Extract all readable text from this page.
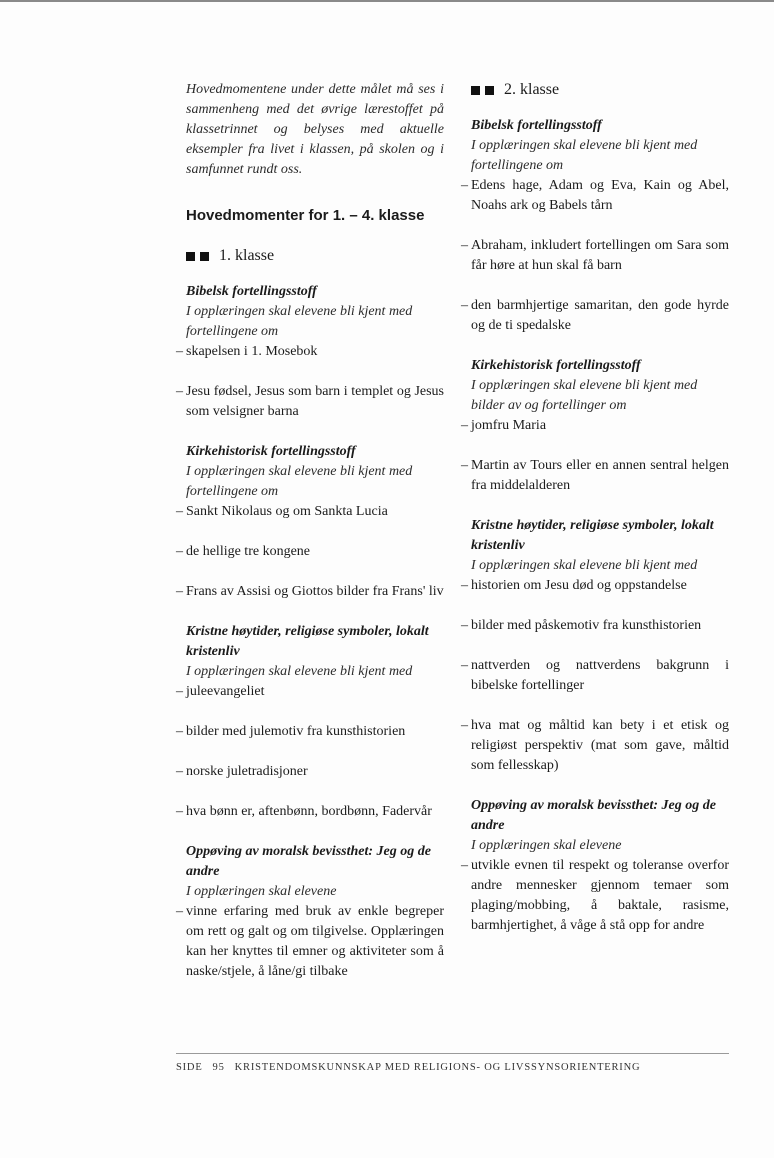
Hovedmomentene under dette målet må ses i sammenheng med det øvrige lærestoffet på klassetrinnet og belyses med aktuelle eksempler fra livet i klassen, på skolen og i samfunnet rundt oss.
Hovedmomenter for 1. – 4. klasse
1. klasse
Bibelsk fortellingsstoff
I opplæringen skal elevene bli kjent med fortellingene om
– skapelsen i 1. Mosebok
– Jesu fødsel, Jesus som barn i templet og Jesus som velsigner barna
Kirkehistorisk fortellingsstoff
I opplæringen skal elevene bli kjent med fortellingene om
– Sankt Nikolaus og om Sankta Lucia
– de hellige tre kongene
– Frans av Assisi og Giottos bilder fra Frans' liv
Kristne høytider, religiøse symboler, lokalt kristenliv
I opplæringen skal elevene bli kjent med
– juleevangeliet
– bilder med julemotiv fra kunsthistorien
– norske juletradisjoner
– hva bønn er, aftenbønn, bordbønn, Fadervår
Oppøving av moralsk bevissthet: Jeg og de andre
I opplæringen skal elevene
– vinne erfaring med bruk av enkle begreper om rett og galt og om tilgivelse. Opplæringen kan her knyttes til emner og aktiviteter som å naske/stjele, å låne/gi tilbake
2. klasse
Bibelsk fortellingsstoff
I opplæringen skal elevene bli kjent med fortellingene om
– Edens hage, Adam og Eva, Kain og Abel, Noahs ark og Babels tårn
– Abraham, inkludert fortellingen om Sara som får høre at hun skal få barn
– den barmhjertige samaritan, den gode hyrde og de ti spedalske
Kirkehistorisk fortellingsstoff
I opplæringen skal elevene bli kjent med bilder av og fortellinger om
– jomfru Maria
– Martin av Tours eller en annen sentral helgen fra middelalderen
Kristne høytider, religiøse symboler, lokalt kristenliv
I opplæringen skal elevene bli kjent med
– historien om Jesu død og oppstandelse
– bilder med påskemotiv fra kunsthistorien
– nattverden og nattverdens bakgrunn i bibelske fortellinger
– hva mat og måltid kan bety i et etisk og religiøst perspektiv (mat som gave, måltid som fellesskap)
Oppøving av moralsk bevissthet: Jeg og de andre
I opplæringen skal elevene
– utvikle evnen til respekt og toleranse overfor andre mennesker gjennom temaer som plaging/mobbing, å baktale, rasisme, barmhjertighet, å våge å stå opp for andre
SIDE 95 KRISTENDOMSKUNNSKAP MED RELIGIONS- OG LIVSSYNSORIENTERING
